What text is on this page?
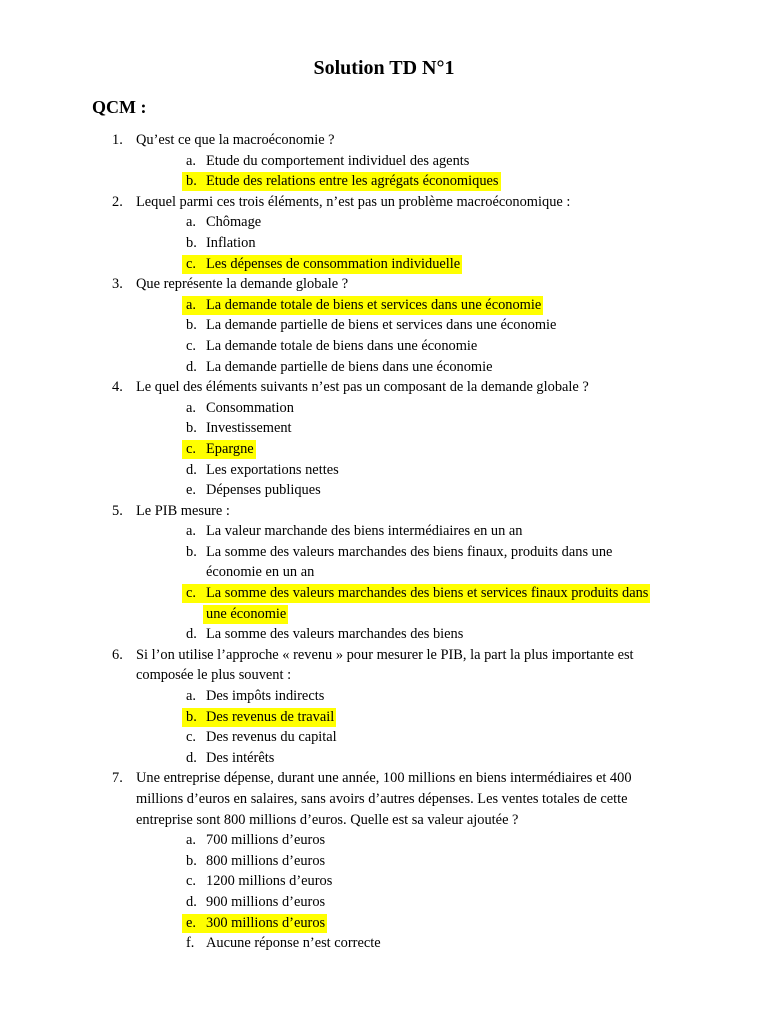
Solution TD N°1
QCM :
1. Qu’est ce que la macroéconomie ?
a. Etude du comportement individuel des agents
b. Etude des relations entre les agrégats économiques
2. Lequel parmi ces trois éléments, n’est pas un problème macroéconomique :
a. Chômage
b. Inflation
c. Les dépenses de consommation individuelle
3. Que représente la demande globale ?
a. La demande totale de biens et services dans une économie
b. La demande partielle de biens et services dans une économie
c. La demande totale de biens dans une économie
d. La demande partielle de biens dans une économie
4. Le quel des éléments suivants n’est pas un composant de la demande globale ?
a. Consommation
b. Investissement
c. Epargne
d. Les exportations nettes
e. Dépenses publiques
5. Le PIB mesure :
a. La valeur marchande des biens intermédiaires en un an
b. La somme des valeurs marchandes des biens finaux, produits dans une
économie en un an
c. La somme des valeurs marchandes des biens et services finaux produits dans
une économie
d. La somme des valeurs marchandes des biens
6. Si l’on utilise l’approche « revenu » pour mesurer le PIB, la part la plus importante est
composée le plus souvent :
a. Des impôts indirects
b. Des revenus de travail
c. Des revenus du capital
d. Des intérêts
7. Une entreprise dépense, durant une année, 100 millions en biens intermédiaires et 400
millions d’euros en salaires, sans avoirs d’autres dépenses. Les ventes totales de cette
entreprise sont 800 millions d’euros. Quelle est sa valeur ajoutée ?
a. 700 millions d’euros
b. 800 millions d’euros
c. 1200 millions d’euros
d. 900 millions d’euros
e. 300 millions d’euros
f. Aucune réponse n’est correcte
